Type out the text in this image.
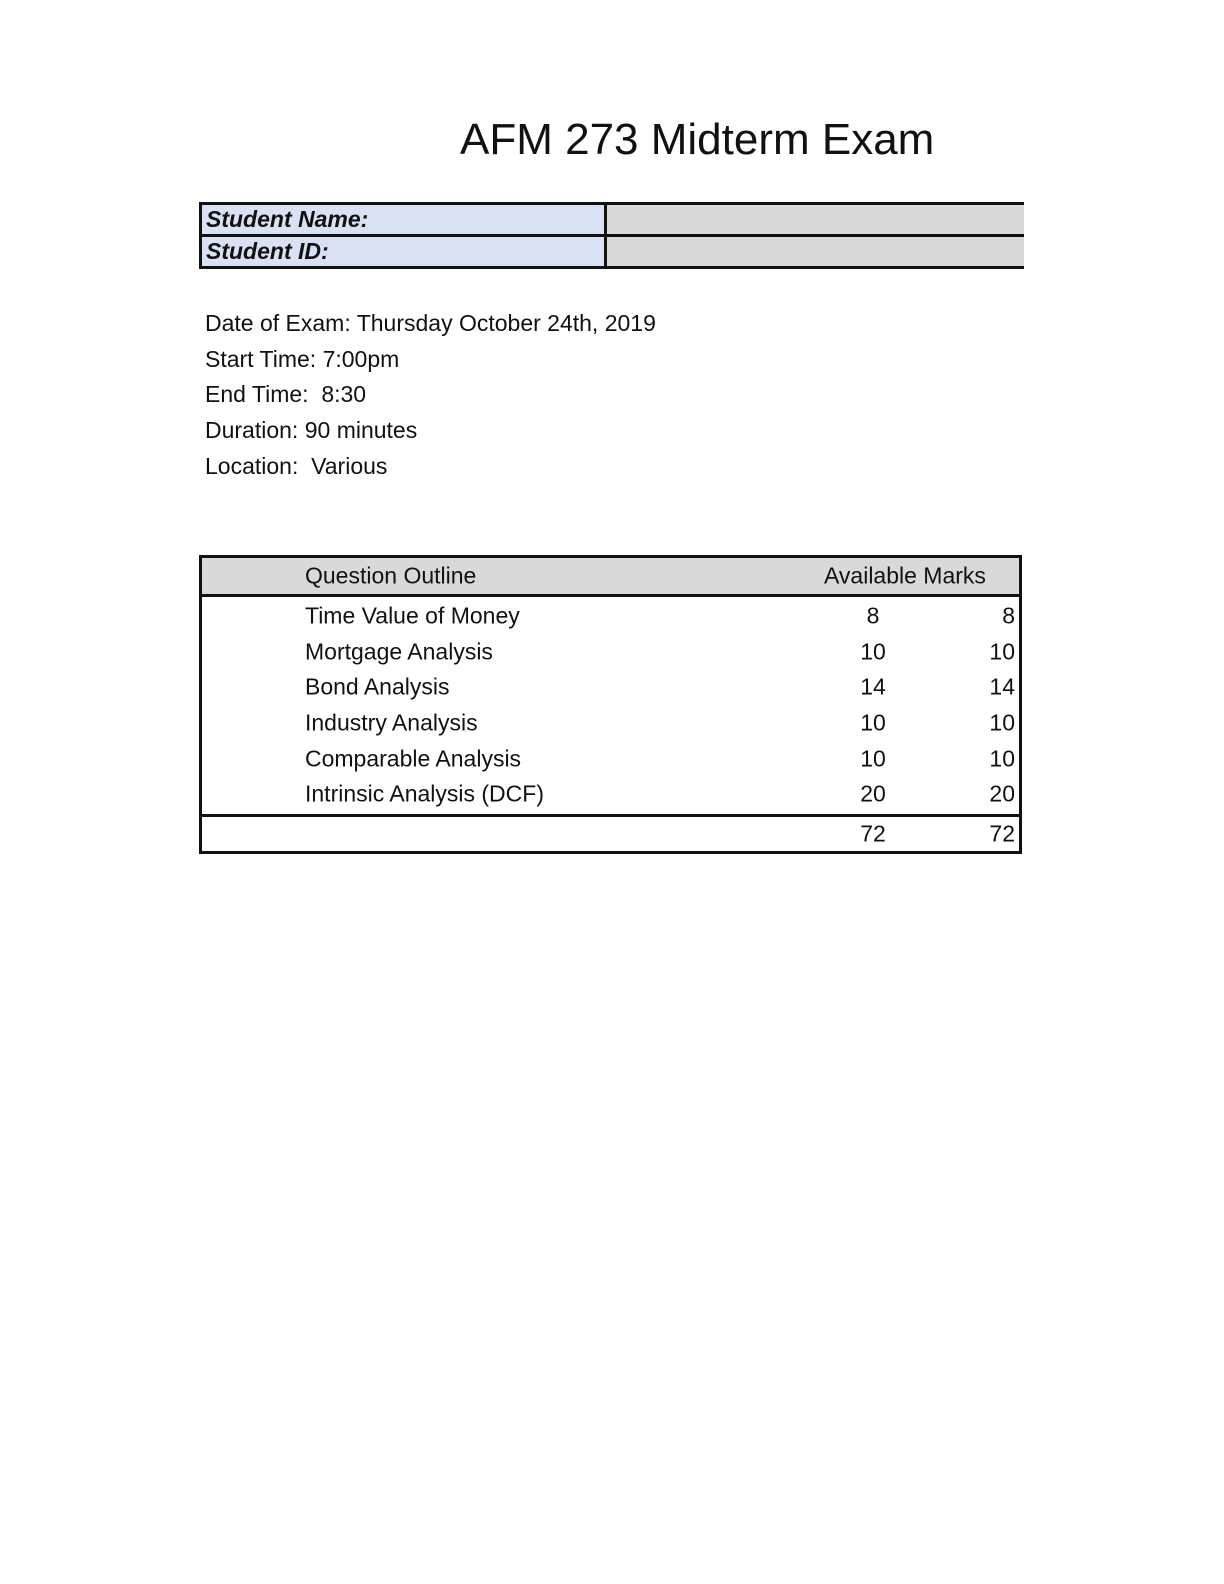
AFM 273 Midterm Exam
Student Name:	
Student ID:	
Date of Exam: Thursday October 24th, 2019
Start Time: 7:00pm
End Time:  8:30
Duration: 90 minutes
Location:  Various
Question Outline	Available Marks
Time Value of Money	8	8
Mortgage Analysis	10	10
Bond Analysis	14	14
Industry Analysis	10	10
Comparable Analysis	10	10
Intrinsic Analysis (DCF)	20	20
72	72
